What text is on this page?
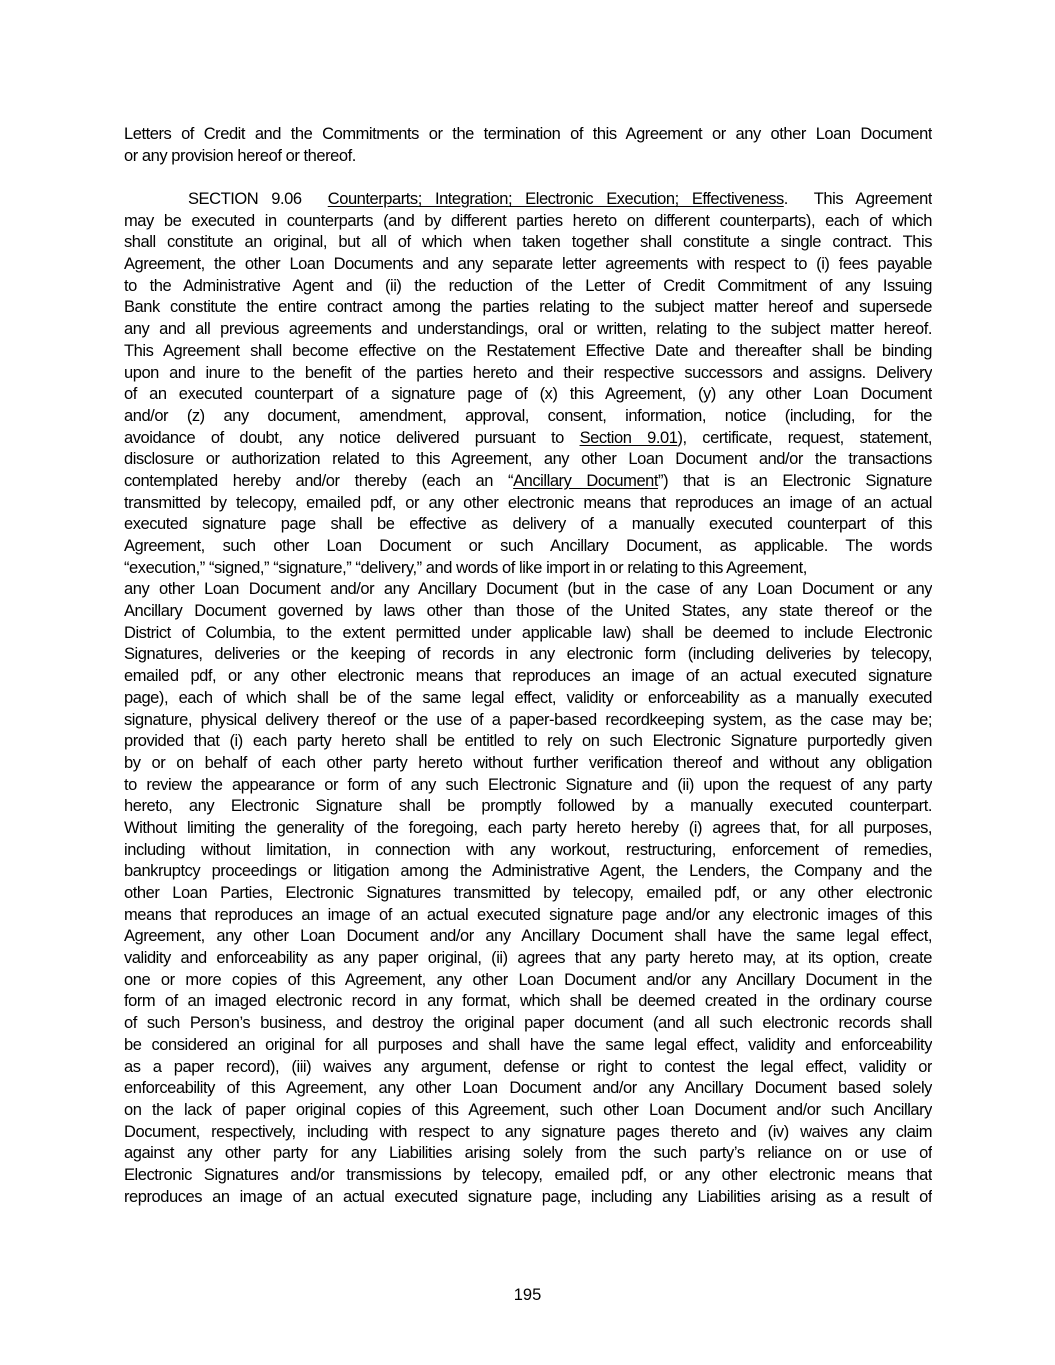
Letters of Credit and the Commitments or the termination of this Agreement or any other Loan Document
or any provision hereof or thereof.
SECTION 9.06 Counterparts; Integration; Electronic Execution; Effectiveness.  This Agreement
may be executed in counterparts (and by different parties hereto on different counterparts), each of which
shall constitute an original, but all of which when taken together shall constitute a single contract. This
Agreement, the other Loan Documents and any separate letter agreements with respect to (i) fees payable
to the Administrative Agent and (ii) the reduction of the Letter of Credit Commitment of any Issuing
Bank constitute the entire contract among the parties relating to the subject matter hereof and supersede
any and all previous agreements and understandings, oral or written, relating to the subject matter hereof.
This Agreement shall become effective on the Restatement Effective Date and thereafter shall be binding
upon and inure to the benefit of the parties hereto and their respective successors and assigns. Delivery
of an executed counterpart of a signature page of (x) this Agreement, (y) any other Loan Document
and/or (z) any document, amendment, approval, consent, information, notice (including, for the
avoidance of doubt, any notice delivered pursuant to Section 9.01), certificate, request, statement,
disclosure or authorization related to this Agreement, any other Loan Document and/or the transactions
contemplated hereby and/or thereby (each an “Ancillary Document”) that is an Electronic Signature
transmitted by telecopy, emailed pdf, or any other electronic means that reproduces an image of an actual
executed signature page shall be effective as delivery of a manually executed counterpart of this
Agreement, such other Loan Document or such Ancillary Document, as applicable. The words
“execution,” “signed,” “signature,” “delivery,” and words of like import in or relating to this Agreement,
any other Loan Document and/or any Ancillary Document (but in the case of any Loan Document or any
Ancillary Document governed by laws other than those of the United States, any state thereof or the
District of Columbia, to the extent permitted under applicable law) shall be deemed to include Electronic
Signatures, deliveries or the keeping of records in any electronic form (including deliveries by telecopy,
emailed pdf, or any other electronic means that reproduces an image of an actual executed signature
page), each of which shall be of the same legal effect, validity or enforceability as a manually executed
signature, physical delivery thereof or the use of a paper-based recordkeeping system, as the case may be;
provided that (i) each party hereto shall be entitled to rely on such Electronic Signature purportedly given
by or on behalf of each other party hereto without further verification thereof and without any obligation
to review the appearance or form of any such Electronic Signature and (ii) upon the request of any party
hereto, any Electronic Signature shall be promptly followed by a manually executed counterpart.
Without limiting the generality of the foregoing, each party hereto hereby (i) agrees that, for all purposes,
including without limitation, in connection with any workout, restructuring, enforcement of remedies,
bankruptcy proceedings or litigation among the Administrative Agent, the Lenders, the Company and the
other Loan Parties, Electronic Signatures transmitted by telecopy, emailed pdf, or any other electronic
means that reproduces an image of an actual executed signature page and/or any electronic images of this
Agreement, any other Loan Document and/or any Ancillary Document shall have the same legal effect,
validity and enforceability as any paper original, (ii) agrees that any party hereto may, at its option, create
one or more copies of this Agreement, any other Loan Document and/or any Ancillary Document in the
form of an imaged electronic record in any format, which shall be deemed created in the ordinary course
of such Person’s business, and destroy the original paper document (and all such electronic records shall
be considered an original for all purposes and shall have the same legal effect, validity and enforceability
as a paper record), (iii) waives any argument, defense or right to contest the legal effect, validity or
enforceability of this Agreement, any other Loan Document and/or any Ancillary Document based solely
on the lack of paper original copies of this Agreement, such other Loan Document and/or such Ancillary
Document, respectively, including with respect to any signature pages thereto and (iv) waives any claim
against any other party for any Liabilities arising solely from the such party’s reliance on or use of
Electronic Signatures and/or transmissions by telecopy, emailed pdf, or any other electronic means that
reproduces an image of an actual executed signature page, including any Liabilities arising as a result of
195
